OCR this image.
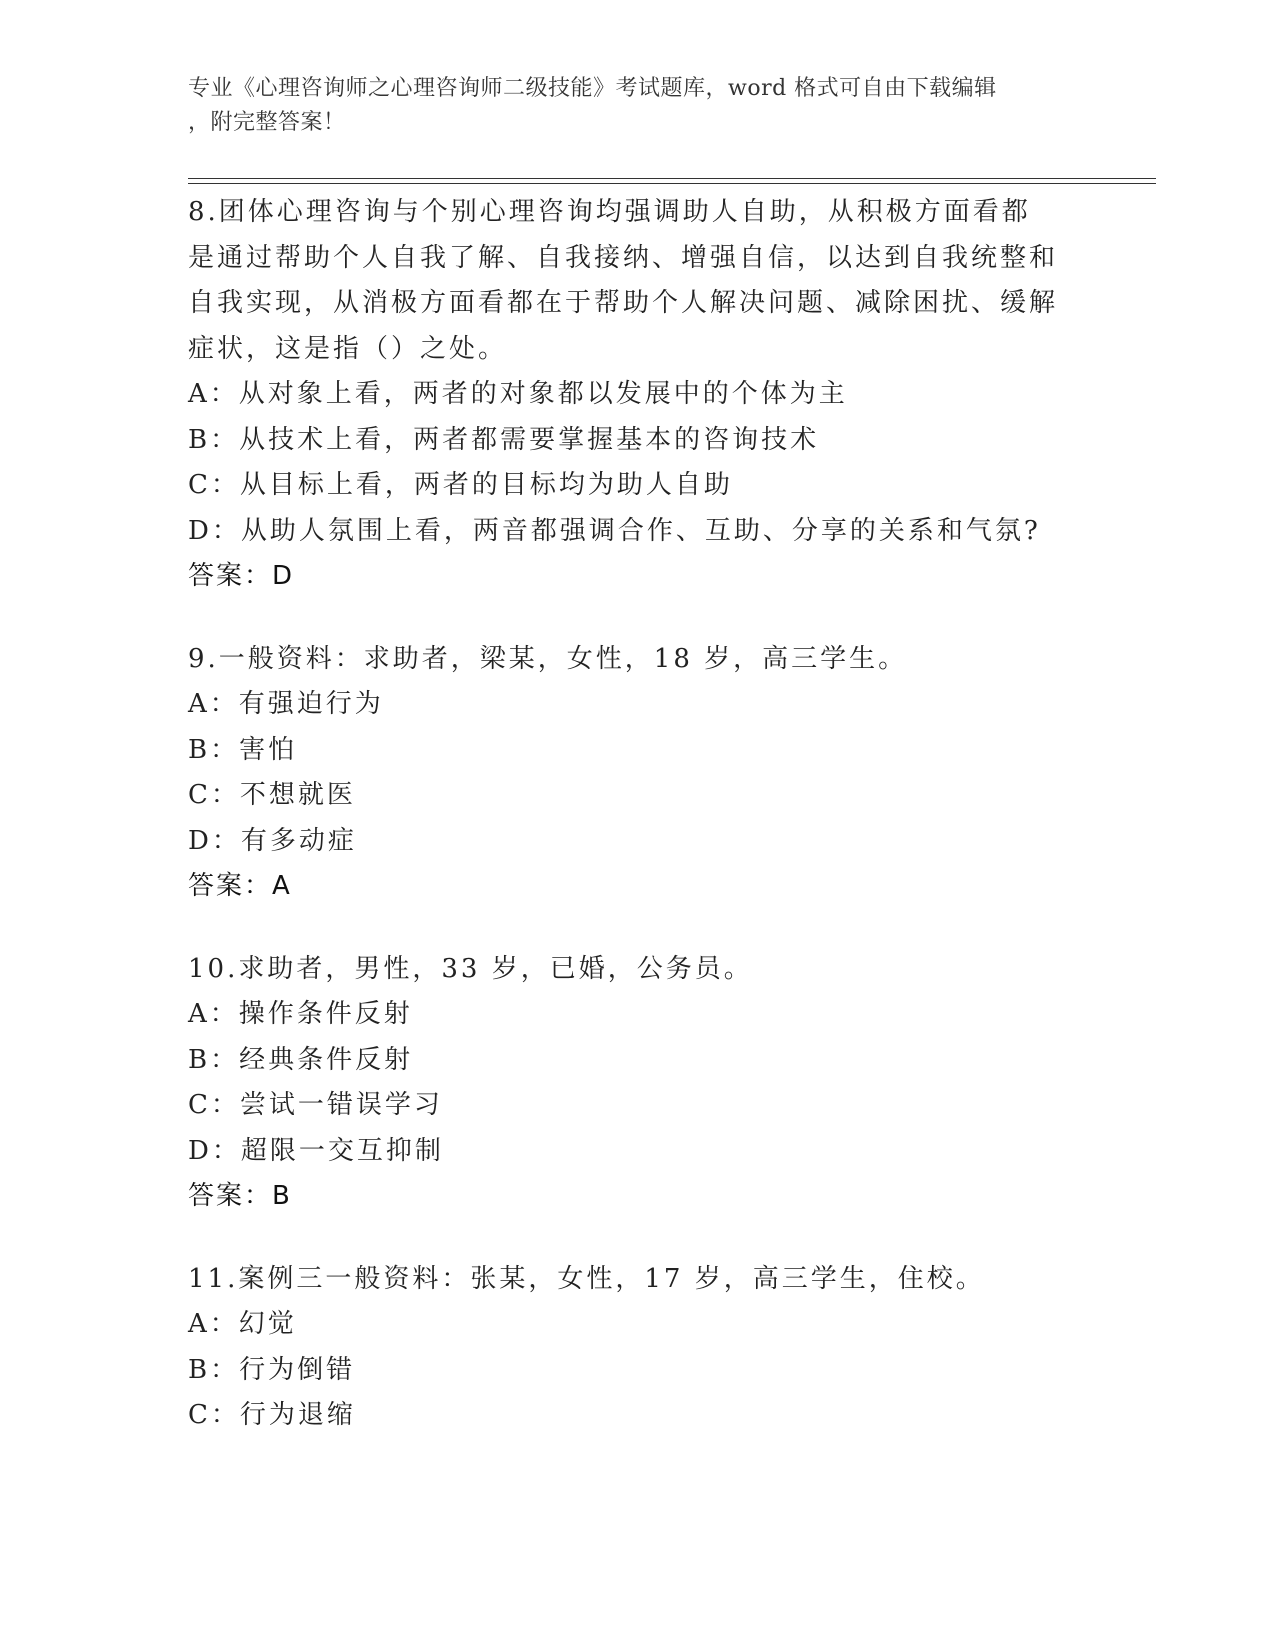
专业《心理咨询师之心理咨询师二级技能》考试题库，word 格式可自由下载编辑
，附完整答案！
8.团体心理咨询与个别心理咨询均强调助人自助，从积极方面看都是通过帮助个人自我了解、自我接纳、增强自信，以达到自我统整和自我实现，从消极方面看都在于帮助个人解决问题、减除困扰、缓解症状，这是指（）之处。
A：从对象上看，两者的对象都以发展中的个体为主
B：从技术上看，两者都需要掌握基本的咨询技术
C：从目标上看，两者的目标均为助人自助
D：从助人氛围上看，两音都强调合作、互助、分享的关系和气氛?
答案：D
9.一般资料：求助者，梁某，女性，18 岁，高三学生。
A：有强迫行为
B：害怕
C：不想就医
D：有多动症
答案：A
10.求助者，男性，33 岁，已婚，公务员。
A：操作条件反射
B：经典条件反射
C：尝试一错误学习
D：超限一交互抑制
答案：B
11.案例三一般资料：张某，女性，17 岁，高三学生，住校。
A：幻觉
B：行为倒错
C：行为退缩
